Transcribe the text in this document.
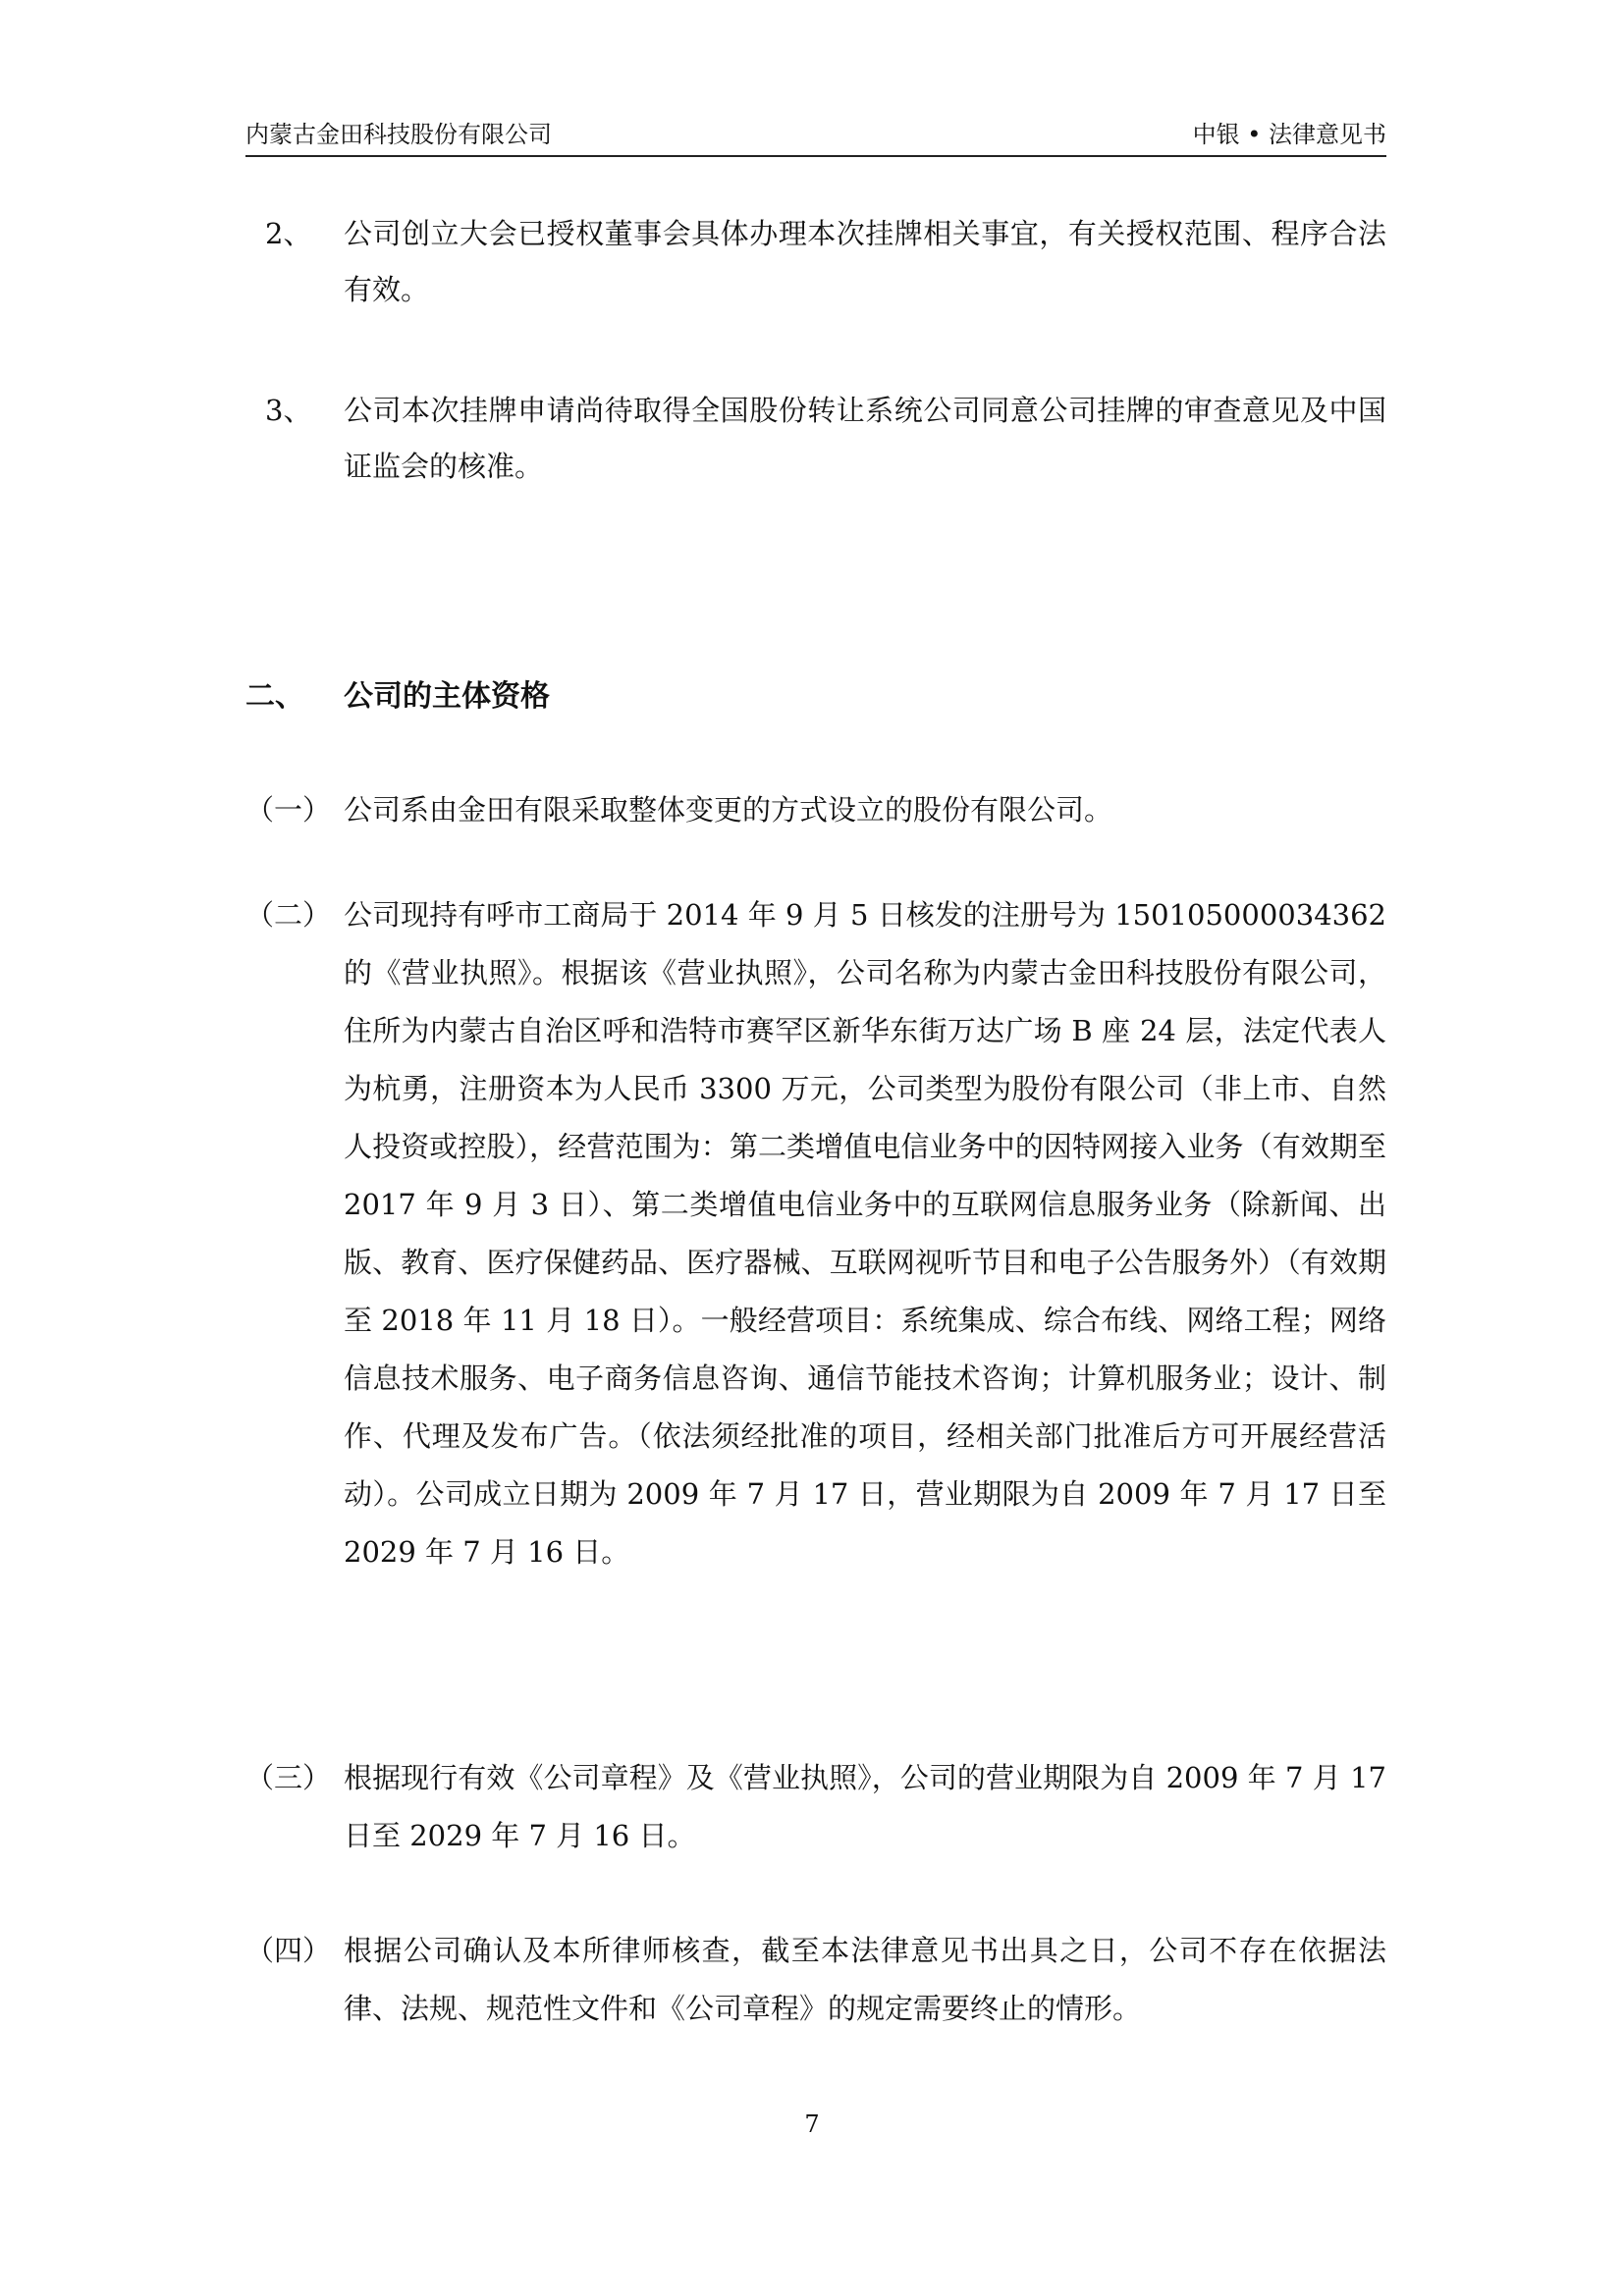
内蒙古金田科技股份有限公司	中银 • 法律意见书
2、 公司创立大会已授权董事会具体办理本次挂牌相关事宜，有关授权范围、程序合法有效。
3、 公司本次挂牌申请尚待取得全国股份转让系统公司同意公司挂牌的审查意见及中国证监会的核准。
二、 公司的主体资格
（一） 公司系由金田有限采取整体变更的方式设立的股份有限公司。
（二） 公司现持有呼市工商局于 2014 年 9 月 5 日核发的注册号为 150105000034362 的《营业执照》。根据该《营业执照》，公司名称为内蒙古金田科技股份有限公司，住所为内蒙古自治区呼和浩特市赛罕区新华东街万达广场 B 座 24 层，法定代表人为杭勇，注册资本为人民币 3300 万元，公司类型为股份有限公司（非上市、自然人投资或控股），经营范围为：第二类增值电信业务中的因特网接入业务（有效期至 2017 年 9 月 3 日）、第二类增值电信业务中的互联网信息服务业务（除新闻、出版、教育、医疗保健药品、医疗器械、互联网视听节目和电子公告服务外）（有效期至 2018 年 11 月 18 日）。一般经营项目：系统集成、综合布线、网络工程；网络信息技术服务、电子商务信息咨询、通信节能技术咨询；计算机服务业；设计、制作、代理及发布广告。（依法须经批准的项目，经相关部门批准后方可开展经营活动）。公司成立日期为 2009 年 7 月 17 日，营业期限为自 2009 年 7 月 17 日至 2029 年 7 月 16 日。
（三） 根据现行有效《公司章程》及《营业执照》，公司的营业期限为自 2009 年 7 月 17 日至 2029 年 7 月 16 日。
（四） 根据公司确认及本所律师核查，截至本法律意见书出具之日，公司不存在依据法律、法规、规范性文件和《公司章程》的规定需要终止的情形。
7
